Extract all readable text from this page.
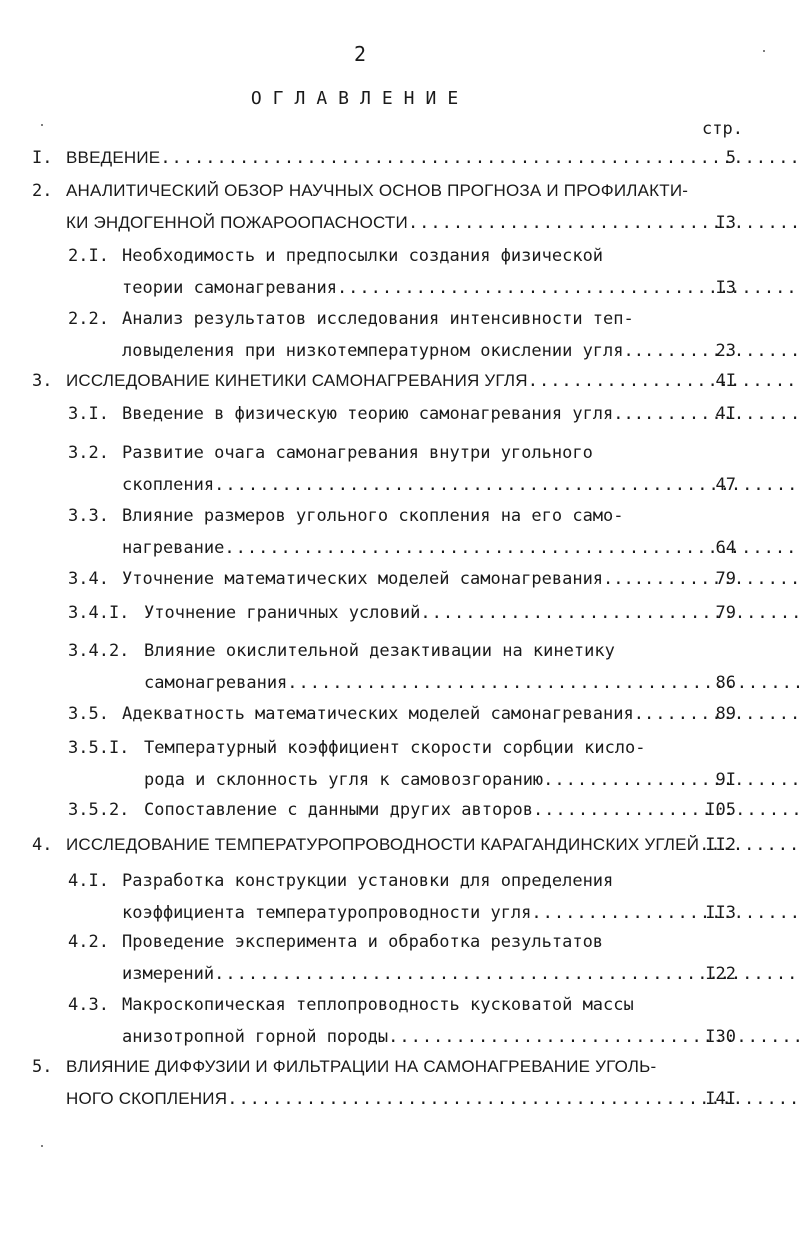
2
ОГЛАВЛЕНИЕ
стр.
I. ВВЕДЕНИЕ .....	5
2. АНАЛИТИЧЕСКИЙ ОБЗОР НАУЧНЫХ ОСНОВ ПРОГНОЗА И ПРОФИЛАКТИ-
КИ ЭНДОГЕННОЙ ПОЖАРООПАСНОСТИ .....	I3
2.I. Необходимость и предпосылки создания физической
теории самонагревания .....	I3
2.2. Анализ результатов исследования интенсивности теп-
ловыделения при низкотемпературном окислении угля.. .....	23
3. ИССЛЕДОВАНИЕ КИНЕТИКИ САМОНАГРЕВАНИЯ УГЛЯ .....	4I
3.I. Введение в физическую теорию самонагревания угля... .....	4I
3.2. Развитие очага самонагревания внутри угольного
скопления .....	47
3.3. Влияние размеров угольного скопления на его само-
нагревание .....	64
3.4. Уточнение математических моделей самонагревания.... .....	79
3.4.I. Уточнение граничных условий .....	79
3.4.2. Влияние окислительной дезактивации на кинетику
самонагревания .....	86
3.5. Адекватность математических моделей самонагревания. .....	89
3.5.I. Температурный коэффициент скорости сорбции кисло-
рода и склонность угля к самовозгоранию .....	9I
3.5.2. Сопоставление с данными других авторов .....	I05
4. ИССЛЕДОВАНИЕ ТЕМПЕРАТУРОПРОВОДНОСТИ КАРАГАНДИНСКИХ УГЛЕЙ ..... II2
4.I. Разработка конструкции установки для определения
коэффициента температуропроводности угля .....	II3
4.2. Проведение эксперимента и обработка результатов
измерений .....	I22
4.3. Макроскопическая теплопроводность кусковатой массы
анизотропной горной породы .....	I30
5. ВЛИЯНИЕ ДИФФУЗИИ И ФИЛЬТРАЦИИ НА САМОНАГРЕВАНИЕ УГОЛЬ-
НОГО СКОПЛЕНИЯ .....	I4I
